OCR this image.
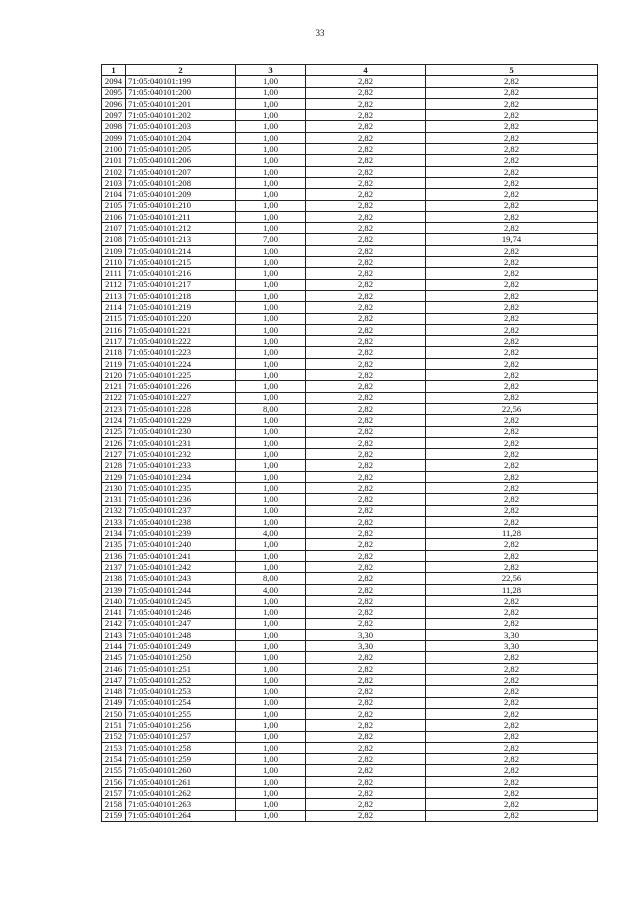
33
1	2	3	4	5
2094	71:05:040101:199	1,00	2,82	2,82
2095	71:05:040101:200	1,00	2,82	2,82
2096	71:05:040101:201	1,00	2,82	2,82
2097	71:05:040101:202	1,00	2,82	2,82
2098	71:05:040101:203	1,00	2,82	2,82
2099	71:05:040101:204	1,00	2,82	2,82
2100	71:05:040101:205	1,00	2,82	2,82
2101	71:05:040101:206	1,00	2,82	2,82
2102	71:05:040101:207	1,00	2,82	2,82
2103	71:05:040101:208	1,00	2,82	2,82
2104	71:05:040101:209	1,00	2,82	2,82
2105	71:05:040101:210	1,00	2,82	2,82
2106	71:05:040101:211	1,00	2,82	2,82
2107	71:05:040101:212	1,00	2,82	2,82
2108	71:05:040101:213	7,00	2,82	19,74
2109	71:05:040101:214	1,00	2,82	2,82
2110	71:05:040101:215	1,00	2,82	2,82
2111	71:05:040101:216	1,00	2,82	2,82
2112	71:05:040101:217	1,00	2,82	2,82
2113	71:05:040101:218	1,00	2,82	2,82
2114	71:05:040101:219	1,00	2,82	2,82
2115	71:05:040101:220	1,00	2,82	2,82
2116	71:05:040101:221	1,00	2,82	2,82
2117	71:05:040101:222	1,00	2,82	2,82
2118	71:05:040101:223	1,00	2,82	2,82
2119	71:05:040101:224	1,00	2,82	2,82
2120	71:05:040101:225	1,00	2,82	2,82
2121	71:05:040101:226	1,00	2,82	2,82
2122	71:05:040101:227	1,00	2,82	2,82
2123	71:05:040101:228	8,00	2,82	22,56
2124	71:05:040101:229	1,00	2,82	2,82
2125	71:05:040101:230	1,00	2,82	2,82
2126	71:05:040101:231	1,00	2,82	2,82
2127	71:05:040101:232	1,00	2,82	2,82
2128	71:05:040101:233	1,00	2,82	2,82
2129	71:05:040101:234	1,00	2,82	2,82
2130	71:05:040101:235	1,00	2,82	2,82
2131	71:05:040101:236	1,00	2,82	2,82
2132	71:05:040101:237	1,00	2,82	2,82
2133	71:05:040101:238	1,00	2,82	2,82
2134	71:05:040101:239	4,00	2,82	11,28
2135	71:05:040101:240	1,00	2,82	2,82
2136	71:05:040101:241	1,00	2,82	2,82
2137	71:05:040101:242	1,00	2,82	2,82
2138	71:05:040101:243	8,00	2,82	22,56
2139	71:05:040101:244	4,00	2,82	11,28
2140	71:05:040101:245	1,00	2,82	2,82
2141	71:05:040101:246	1,00	2,82	2,82
2142	71:05:040101:247	1,00	2,82	2,82
2143	71:05:040101:248	1,00	3,30	3,30
2144	71:05:040101:249	1,00	3,30	3,30
2145	71:05:040101:250	1,00	2,82	2,82
2146	71:05:040101:251	1,00	2,82	2,82
2147	71:05:040101:252	1,00	2,82	2,82
2148	71:05:040101:253	1,00	2,82	2,82
2149	71:05:040101:254	1,00	2,82	2,82
2150	71:05:040101:255	1,00	2,82	2,82
2151	71:05:040101:256	1,00	2,82	2,82
2152	71:05:040101:257	1,00	2,82	2,82
2153	71:05:040101:258	1,00	2,82	2,82
2154	71:05:040101:259	1,00	2,82	2,82
2155	71:05:040101:260	1,00	2,82	2,82
2156	71:05:040101:261	1,00	2,82	2,82
2157	71:05:040101:262	1,00	2,82	2,82
2158	71:05:040101:263	1,00	2,82	2,82
2159	71:05:040101:264	1,00	2,82	2,82
